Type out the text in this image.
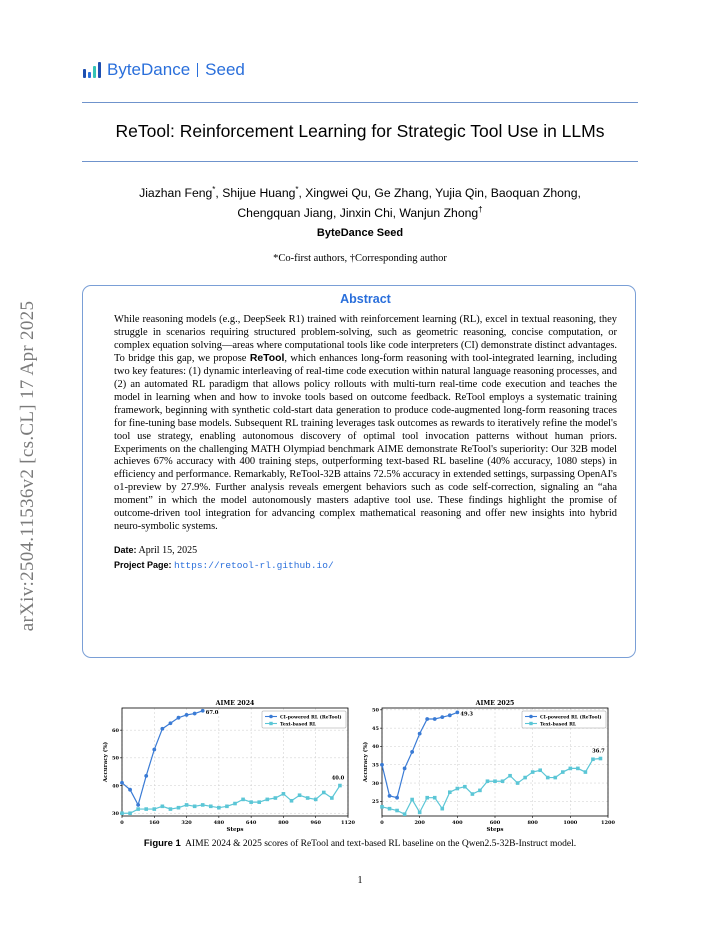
arXiv:2504.11536v2 [cs.CL] 17 Apr 2025
ByteDance Seed
ReTool: Reinforcement Learning for Strategic Tool Use in LLMs
Jiazhan Feng*, Shijue Huang*, Xingwei Qu, Ge Zhang, Yujia Qin, Baoquan Zhong,
Chengquan Jiang, Jinxin Chi, Wanjun Zhong†
ByteDance Seed
*Co-first authors, †Corresponding author
Abstract

While reasoning models (e.g., DeepSeek R1) trained with reinforcement learning (RL), excel in textual reasoning, they struggle in scenarios requiring structured problem-solving, such as geometric reasoning, concise computation, or complex equation solving—areas where computational tools like code interpreters (CI) demonstrate distinct advantages. To bridge this gap, we propose ReTool, which enhances long-form reasoning with tool-integrated learning, including two key features: (1) dynamic interleaving of real-time code execution within natural language reasoning processes, and (2) an automated RL paradigm that allows policy rollouts with multi-turn real-time code execution and teaches the model in learning when and how to invoke tools based on outcome feedback. ReTool employs a systematic training framework, beginning with synthetic cold-start data generation to produce code-augmented long-form reasoning traces for fine-tuning base models. Subsequent RL training leverages task outcomes as rewards to iteratively refine the model's tool use strategy, enabling autonomous discovery of optimal tool invocation patterns without human priors. Experiments on the challenging MATH Olympiad benchmark AIME demonstrate ReTool's superiority: Our 32B model achieves 67% accuracy with 400 training steps, outperforming text-based RL baseline (40% accuracy, 1080 steps) in efficiency and performance. Remarkably, ReTool-32B attains 72.5% accuracy in extended settings, surpassing OpenAI's o1-preview by 27.9%. Further analysis reveals emergent behaviors such as code self-correction, signaling an “aha moment” in which the model autonomously masters adaptive tool use. These findings highlight the promise of outcome-driven tool integration for advancing complex mathematical reasoning and offer new insights into hybrid neuro-symbolic systems.

Date: April 15, 2025
Project Page: https://retool-rl.github.io/
AIME 2024
0	160	320	480	640	800	960	1120
30
40
50
60
Steps
Accuracy (%)
67.0
40.0
CI-powered RL (ReTool)
Text-based RL
AIME 2025
0	200	400	600	800	1000	1200
25
30
35
40
45
50
Steps
Accuracy (%)
49.3
36.7
CI-powered RL (ReTool)
Text-based RL
Figure 1 AIME 2024 & 2025 scores of ReTool and text-based RL baseline on the Qwen2.5-32B-Instruct model.
1
